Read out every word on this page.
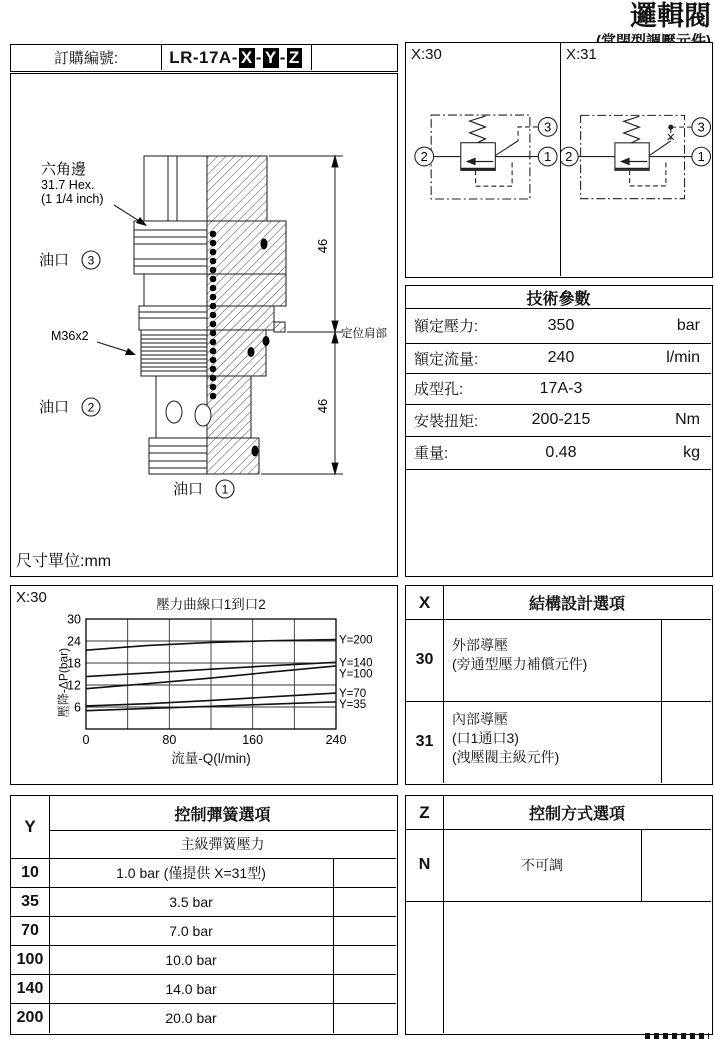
邏輯閥
訂購編號:	LR-17A- X - Y - Z
46
46
定位肩部
六角邊
31.7 Hex.
(1 1/4 inch)
M36x2
油口 3
油口 2
油口 1
尺寸單位:mm
X:30	X:31
2	1
3
2	1
3
技術參數
額定壓力:	350	bar
額定流量:	240	l/min
成型孔:	17A-3
安裝扭矩:	200-215	Nm
重量:	0.48	kg
X:30	壓力曲線口1到口2
壓降-ΔP(bar)
流量-Q(l/min)
6
12
18
24
30
0	80	160	240
Y=200
Y=140
Y=100
Y=70
Y=35
X	結構設計選項
30
外部導壓
(旁通型壓力補償元件)
31
內部導壓
(口1通口3)
(洩壓閥主級元件)
Y
控制彈簧選項
主級彈簧壓力
10	1.0 bar (僅提供 X=31型)
35	3.5 bar
70	7.0 bar
100	10.0 bar
140	14.0 bar
200	20.0 bar
Z	控制方式選項
N	不可調
